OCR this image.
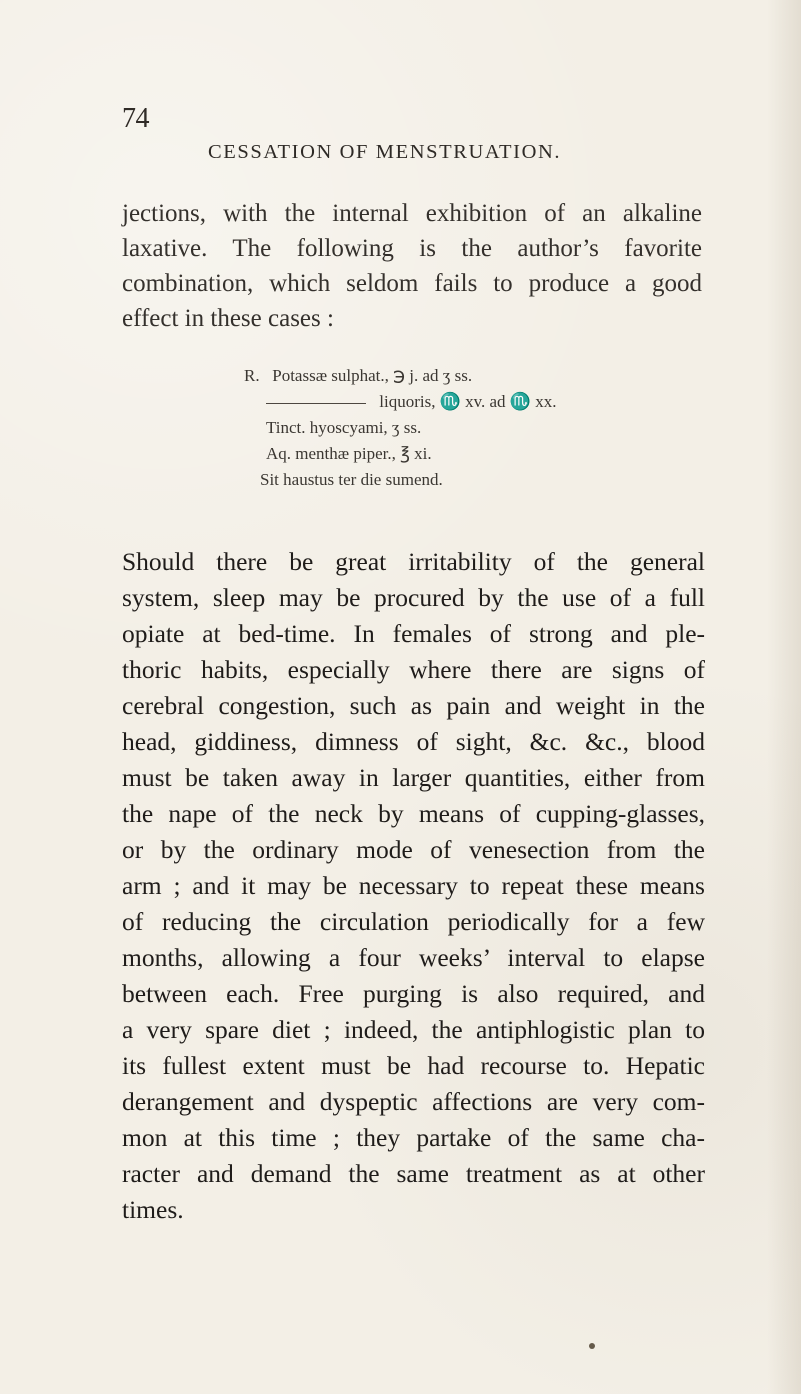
74
CESSATION OF MENSTRUATION.

jections, with the internal exhibition of an alkaline
laxative. The following is the author’s favorite
combination, which seldom fails to produce a good
effect in these cases :

R. Potassæ sulphat., ℈ j. ad ʒ ss.
liquoris, ♏ xv. ad ♏ xx.
Tinct. hyoscyami, ʒ ss.
Aq. menthæ piper., ℥ xi.
Sit haustus ter die sumend.
Should there be great irritability of the general
system, sleep may be procured by the use of a full
opiate at bed-time. In females of strong and ple-
thoric habits, especially where there are signs of
cerebral congestion, such as pain and weight in the
head, giddiness, dimness of sight, &c. &c., blood
must be taken away in larger quantities, either from
the nape of the neck by means of cupping-glasses,
or by the ordinary mode of venesection from the
arm ; and it may be necessary to repeat these means
of reducing the circulation periodically for a few
months, allowing a four weeks’ interval to elapse
between each. Free purging is also required, and
a very spare diet ; indeed, the antiphlogistic plan to
its fullest extent must be had recourse to. Hepatic
derangement and dyspeptic affections are very com-
mon at this time ; they partake of the same cha-
racter and demand the same treatment as at other
times.
